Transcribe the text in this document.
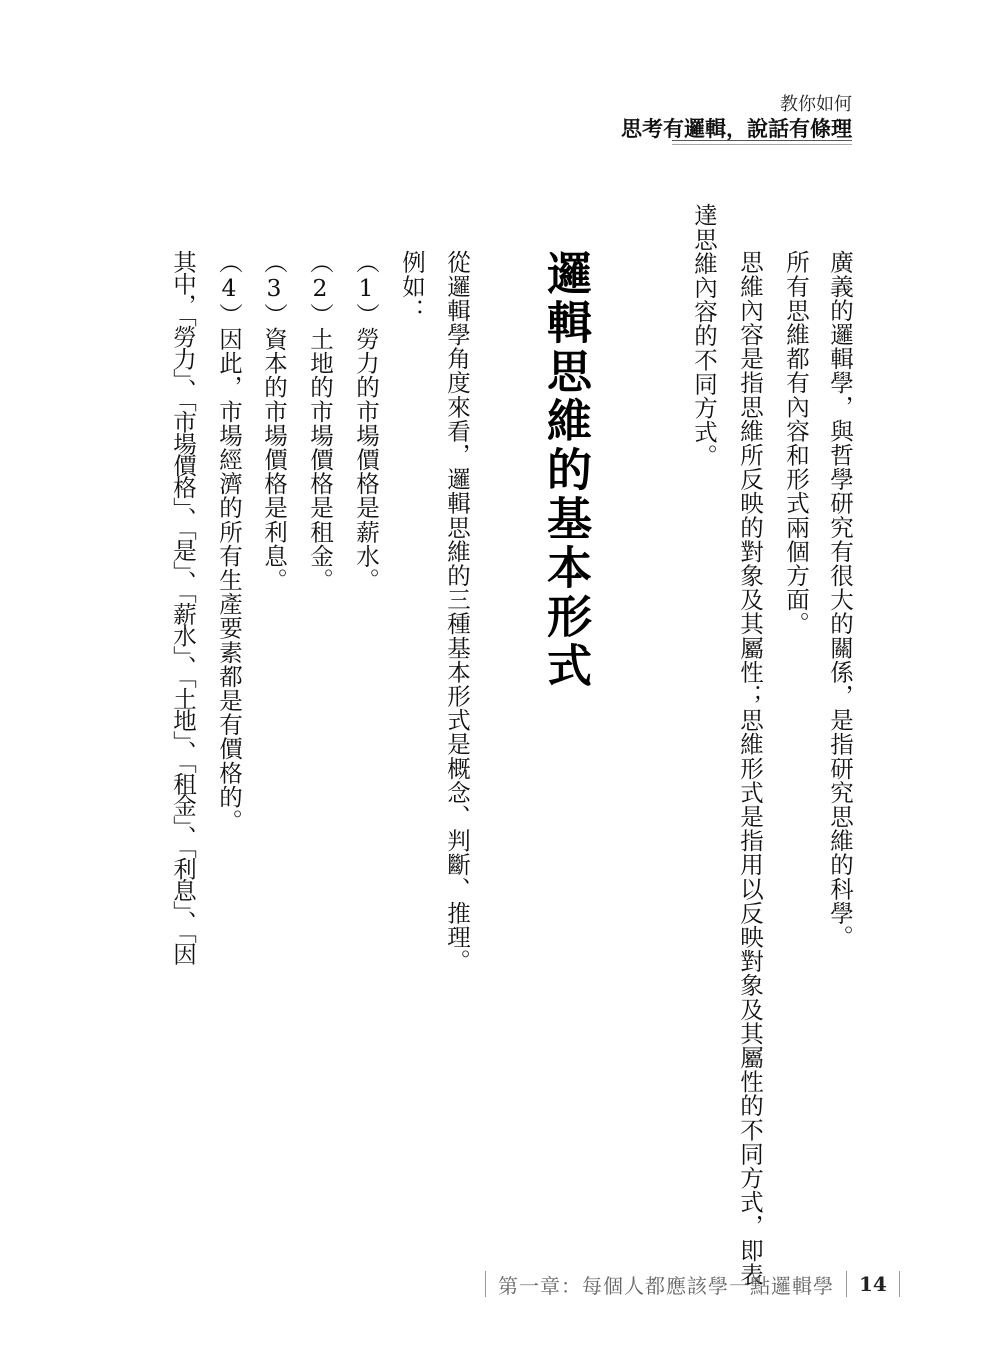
教你如何
思考有邏輯，說話有條理
廣義的邏輯學，與哲學研究有很大的關係，是指研究思維的科學。
所有思維都有內容和形式兩個方面。
思維內容是指思維所反映的對象及其屬性；思維形式是指用以反映對象及其屬性的不同方式，即表
達思維內容的不同方式。
邏輯思維的基本形式
從邏輯學角度來看，邏輯思維的三種基本形式是概念、判斷、推理。
例如：
（1）勞力的市場價格是薪水。
（2）土地的市場價格是租金。
（3）資本的市場價格是利息。
（4）因此，市場經濟的所有生產要素都是有價格的。
其中，「勞力」、「市場價格」、「是」、「薪水」、「土地」、「租金」、「利息」、「因
第一章：每個人都應該學一點邏輯學	14
